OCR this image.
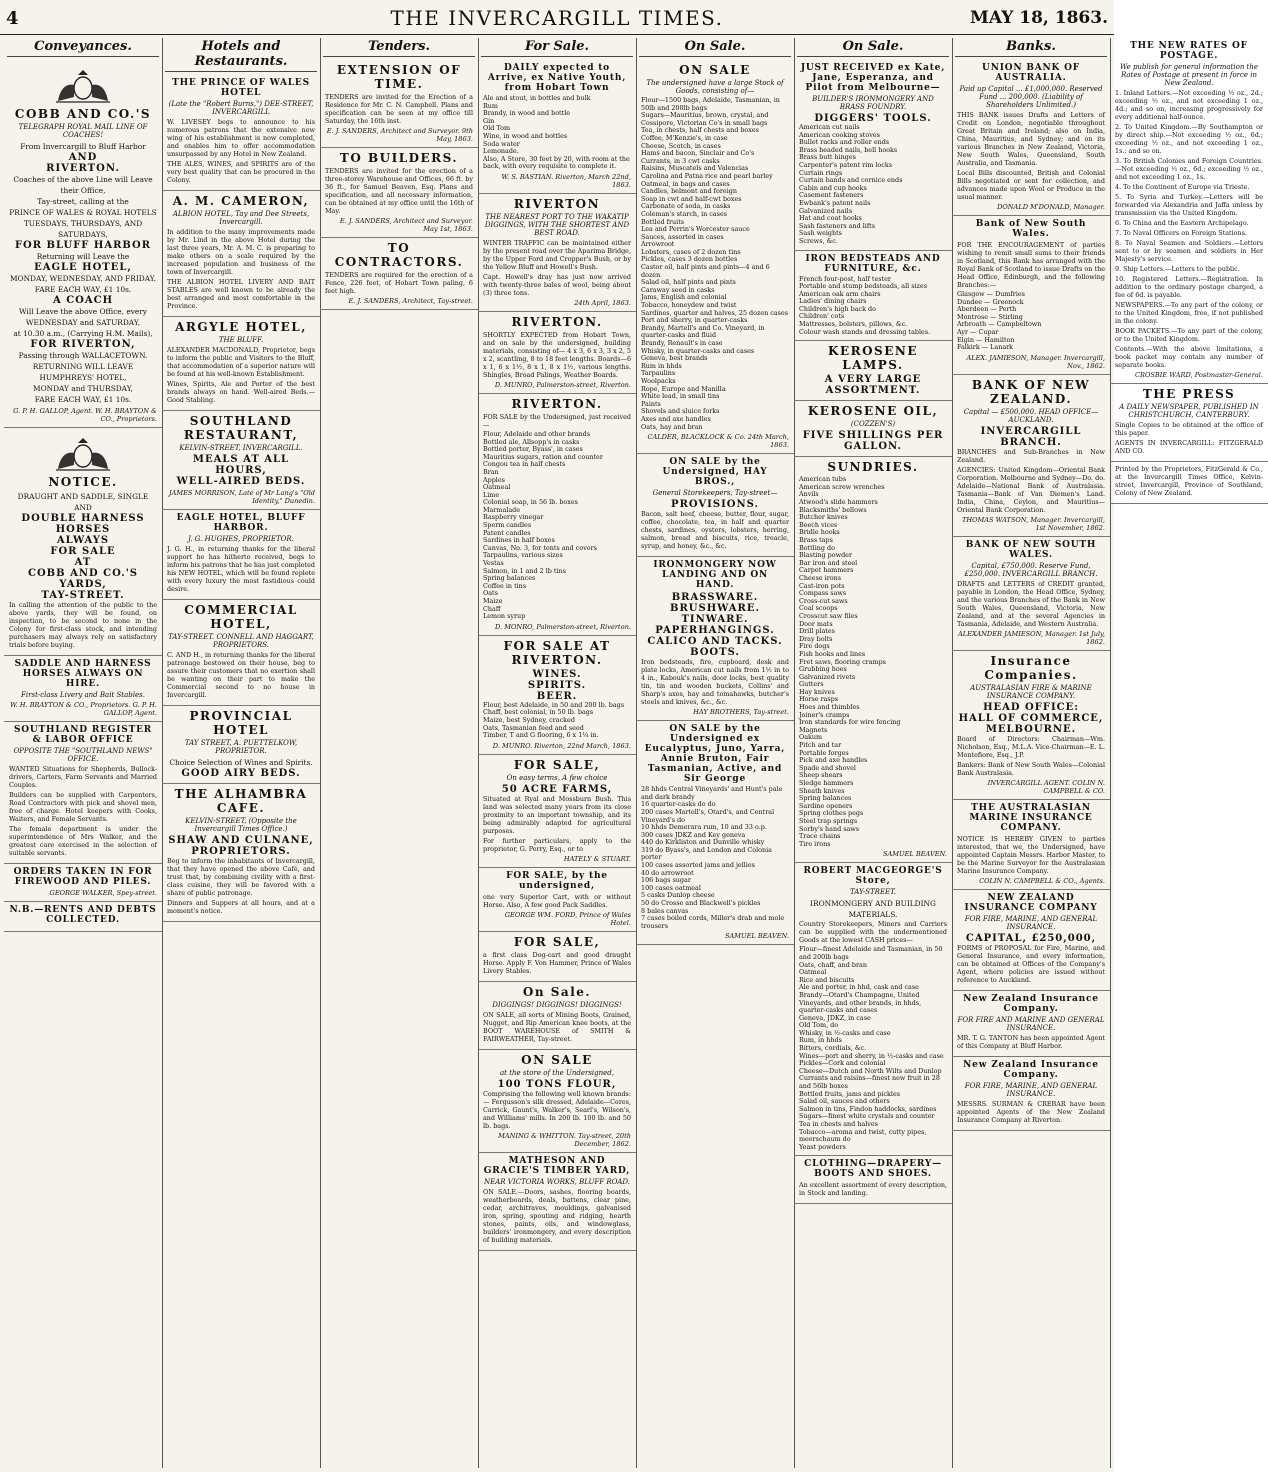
4	THE INVERCARGILL TIMES.	MAY 18, 1863.
Conveyances.
COBB AND CO.'S
TELEGRAPH ROYAL MAIL LINE OF COACHES!
From Invercargill to Bluff Harbor
AND
RIVERTON.
Coaches of the above Line will Leave their Office,
Tay-street, calling at the
PRINCE OF WALES & ROYAL HOTELS
TUESDAYS, THURSDAYS, AND SATURDAYS,
FOR BLUFF HARBOR
Returning will Leave the
EAGLE HOTEL,
MONDAY, WEDNESDAY, AND FRIDAY.
FARE EACH WAY, £1 10s.
A COACH
Will Leave the above Office, every
WEDNESDAY and SATURDAY,
at 10.30 a.m., (Carrying H.M. Mails),
FOR RIVERTON,
Passing through WALLACETOWN.
RETURNING WILL LEAVE HUMPHREYS' HOTEL,
MONDAY and THURSDAY,
FARE EACH WAY, £1 10s.
G. P. H. GALLOP, Agent. W. H. BRAYTON & CO., Proprietors.
NOTICE.
DRAUGHT AND SADDLE, SINGLE AND
DOUBLE HARNESS HORSES
ALWAYS
FOR SALE
AT
COBB AND CO.'S YARDS,
TAY-STREET.

In calling the attention of the public to the above yards, they will be found, on inspection, to be second to none in the Colony for first-class stock, and intending purchasers may always rely on satisfactory trials before buying.

SADDLE AND HARNESS HORSES ALWAYS ON HIRE.
First-class Livery and Bait Stables.
W. H. BRAYTON & CO., Proprietors. G. P. H. GALLOP, Agent.
SOUTHLAND REGISTER & LABOR OFFICE
OPPOSITE THE "SOUTHLAND NEWS" OFFICE.

WANTED Situations for Shepherds, Bullock-drivers, Carters, Farm Servants and Married Couples.

Builders can be supplied with Carpenters, Road Contractors with pick and shovel men, free of charge. Hotel keepers with Cooks, Waiters, and Female Servants.

The female department is under the superintendence of Mrs Walker, and the greatest care exercised in the selection of suitable servants.

ORDERS TAKEN IN FOR FIREWOOD AND PILES.
GEORGE WALKER, Spey-street.
N.B.—RENTS AND DEBTS COLLECTED.
Hotels and Restaurants.
THE PRINCE OF WALES HOTEL
(Late the "Robert Burns,") DEE-STREET, INVERCARGILL

W. LIVESEY begs to announce to his numerous patrons that the extensive new wing of his establishment is now completed, and enables him to offer accommodation unsurpassed by any Hotel in New Zealand.

THE ALES, WINES, and SPIRITS are of the very best quality that can be procured in the Colony.

A. M. CAMERON,
ALBION HOTEL, Tay and Dee Streets, Invercargill.

In addition to the many improvements made by Mr. Lind in the above Hotel during the last three years, Mr. A. M. C. is preparing to make others on a scale required by the increased population and business of the town of Invercargill.

THE ALBION HOTEL LIVERY AND BAIT STABLES are well known to be already the best arranged and most comfortable in the Province.

ARGYLE HOTEL,
THE BLUFF.

ALEXANDER MACDONALD, Proprietor, begs to inform the public and Visitors to the Bluff, that accommodation of a superior nature will be found at his well-known Establishment.

Wines, Spirits, Ale and Porter of the best brands always on hand. Well-aired Beds.—Good Stabling.

SOUTHLAND RESTAURANT,
KELVIN-STREET, INVERCARGILL.
MEALS AT ALL HOURS,
WELL-AIRED BEDS.
JAMES MORRISON, Late of Mr Lang's "Old Identity," Dunedin.
EAGLE HOTEL, BLUFF HARBOR.
J. G. HUGHES, PROPRIETOR.

J. G. H., in returning thanks for the liberal support he has hitherto received, begs to inform his patrons that he has just completed his NEW HOTEL, which will be found replete with every luxury the most fastidious could desire.

COMMERCIAL HOTEL,
TAY-STREET. CONNELL AND HAGGART, PROPRIETORS.

C. AND H., in returning thanks for the liberal patronage bestowed on their house, beg to assure their customers that no exertion shall be wanting on their part to make the Commercial second to no house in Invercargill.

PROVINCIAL HOTEL
TAY STREET, A. PUETTELKOW, PROPRIETOR.
Choice Selection of Wines and Spirits.
GOOD AIRY BEDS.
THE ALHAMBRA CAFE.
KELVIN-STREET, (Opposite the Invercargill Times Office.)
SHAW AND CULNANE,
PROPRIETORS.

Beg to inform the inhabitants of Invercargill, that they have opened the above Café, and trust that, by combining civility with a first-class cuisine, they will be favored with a share of public patronage.

Dinners and Suppers at all hours, and at a moment's notice.

Tenders.
EXTENSION OF TIME.

TENDERS are invited for the Erection of a Residence for Mr. C. N. Campbell. Plans and specification can be seen at my office till Saturday, the 16th inst.

E. J. SANDERS, Architect and Surveyor. 9th May, 1863.
TO BUILDERS.

TENDERS are invited for the erection of a three-storey Warehouse and Offices, 66 ft. by 36 ft., for Samuel Beaven, Esq. Plans and specification, and all necessary information, can be obtained at my office until the 16th of May.

E. J. SANDERS, Architect and Surveyor. May 1st, 1863.
TO CONTRACTORS.

TENDERS are required for the erection of a Fence, 226 feet, of Hobart Town paling, 6 feet high.

E. J. SANDERS, Architect, Tay-street.
For Sale.
DAILY expected to Arrive, ex Native Youth, from Hobart Town
Ale and stout, in bottles and bulk
Rum
Brandy, in wood and bottle
Gin
Old Tom
Wine, in wood and bottles
Soda water
Lemonade.
Also, A Store, 30 feet by 20, with room at the back, with every requisite to complete it.
W. S. BASTIAN. Riverton, March 22nd, 1863.
RIVERTON
THE NEAREST PORT TO THE WAKATIP DIGGINGS, WITH THE SHORTEST AND BEST ROAD.

WINTER TRAFFIC can be maintained either by the present road over the Aparima Bridge, by the Upper Ford and Cropper's Bush, or by the Yellow Bluff and Howell's Bush.

Capt. Howell's dray has just now arrived with twenty-three bales of wool, being about (3) three tons.

24th April, 1863.
RIVERTON.

SHORTLY EXPECTED from Hobart Town, and on sale by the undersigned, building materials, consisting of— 4 x 3, 6 x 3, 3 x 2, 5 x 2, scantling, 8 to 18 feet lengths. Boards—6 x 1, 6 x 1½, 8 x 1, 8 x 1½, various lengths. Shingles, Broad Palings, Weather Boards.

D. MUNRO, Palmerston-street, Riverton.
RIVERTON.

FOR SALE by the Undersigned, just received—

Flour, Adelaide and other brands
Bottled ale, Allsopp's in casks
Bottled porter, Byass', in cases
Mauritius sugars, ration and counter
Congou tea in half chests
Bran
Apples
Oatmeal
Lime
Colonial soap, in 56 lb. boxes
Marmalade
Raspberry vinegar
Sperm candles
Patent candles
Sardines in half boxes
Canvas, No. 3, for tents and covers
Tarpaulins, various sizes
Vestas
Salmon, in 1 and 2 lb tins
Spring balances
Coffee in tins
Oats
Maize
Chaff
Lemon syrup
D. MONRO, Palmerston-street, Riverton.
FOR SALE AT RIVERTON.
WINES.
SPIRITS.
BEER.
Flour, best Adelaide, in 50 and 200 lb. bags
Chaff, best colonial, in 50 lb. bags
Maize, best Sydney, cracked
Oats, Tasmanian feed and seed
Timber, T and G flooring, 6 x 1¼ in.
D. MUNRO. Riverton, 22nd March, 1863.
FOR SALE,
On easy terms, A few choice
50 ACRE FARMS,

Situated at Ryal and Mossburn Bush. This land was selected many years from its close proximity to an important township, and its being admirably adapted for agricultural purposes.

For further particulars, apply to the proprietor, G. Perry, Esq., or to

HATELY & STUART.
FOR SALE, by the undersigned,

one very Superior Cart, with or without Horse. Also, A few good Pack Saddles.

GEORGE WM. FORD, Prince of Wales Hotel.
FOR SALE,

a first class Dog-cart and good draught Horse. Apply F. Von Hammer, Prince of Wales Livery Stables.

On Sale.
DIGGINGS! DIGGINGS! DIGGINGS!

ON SALE, all sorts of Mining Boots, Grained, Nugget, and Rip American knee boots, at the BOOT WAREHOUSE of SMITH & FAIRWEATHER, Tay-street.

ON SALE
at the store of the Undersigned,
100 TONS FLOUR,

Comprising the following well known brands:— Fergusson's silk dressed, Adelaide—Ceres, Carrick, Gaunt's, Walker's, Searl's, Wilson's, and Williams' mills. In 200 lb. 100 lb. and 50 lb. bags.

MANING & WHITTON. Tay-street, 20th December, 1862.
MATHESON AND GRACIE'S TIMBER YARD,
NEAR VICTORIA WORKS, BLUFF ROAD.

ON SALE.—Doors, sashes, flooring boards, weatherboards, deals, battens, clear pine, cedar, architraves, mouldings, galvanised iron, spring, spouting and ridging, hearth stones, paints, oils, and windowglass, builders' ironmongery, and every description of building materials.

On Sale.
ON SALE
The undersigned have a large Stock of Goods, consisting of—
Flour—1500 bags, Adelaide, Tasmanian, in 50lb and 200lb bags
Sugars—Mauritius, brown, crystal, and Cossipore, Victorian Co's in small bags
Tea, in chests, half chests and boxes
Coffee, M'Kenzie's, in case
Cheese, Scotch, in cases
Hams and bacon, Sinclair and Co's
Currants, in 3 cwt casks
Raisins, Muscatels and Valencias
Carolina and Patna rice and pearl barley
Oatmeal, in bags and cases
Candles, belmont and foreign
Soap in cwt and half-cwt boxes
Carbonate of soda, in casks
Coleman's starch, in cases
Bottled fruits
Lea and Perrin's Worcester sauce
Sauces, assorted in cases
Arrowroot
Lobsters, cases of 2 dozen tins
Pickles, cases 3 dozen bottles
Castor oil, half pints and pints—4 and 6 dozen
Salad oil, half pints and pints
Caraway seed in casks
Jams, English and colonial
Tobacco, honeydew and twist
Sardines, quarter and halves, 25 dozen cases
Port and sherry, in quarter-casks
Brandy, Martell's and Co. Vineyard, in quarter-casks and fluid
Brandy, Renault's in case
Whisky, in quarter-casks and cases
Geneva, best brands
Rum in hhds
Tarpaulins
Woolpacks
Rope, Europe and Manilla
White lead, in small tins
Paints
Shovels and sluice forks
Axes and axe handles
Oats, hay and bran
CALDER, BLACKLOCK & Co. 24th March, 1863.
ON SALE by the Undersigned, HAY BROS.,
General Storekeepers, Tay-street—
PROVISIONS.

Bacon, salt beef, cheese, butter, flour, sugar, coffee, chocolate, tea, in half and quarter chests, sardines, oysters, lobsters, herring, salmon, bread and biscuits, rice, treacle, syrup, and honey, &c., &c.

IRONMONGERY NOW LANDING AND ON HAND.
BRASSWARE.
BRUSHWARE.
TINWARE.
PAPERHANGINGS.
CALICO AND TACKS.
BOOTS.

Iron bedsteads, fire, cupboard, desk and plate locks, American cut nails from 1½ in to 4 in., Kabouk's nails, door locks, best quality tin, tin and wooden buckets, Collins' and Sharp's axes, hay and tomahawks, butcher's steels and knives, &c., &c.

HAY BROTHERS, Tay-street.
ON SALE by the Undersigned ex Eucalyptus, Juno, Yarra, Annie Bruton, Fair Tasmanian, Active, and Sir George
28 hhds Central Vineyards' and Hunt's pale and dark brandy
16 quarter-casks do do
200 cases Martell's, Otard's, and Central Vineyard's do
10 hhds Demerara rum, 10 and 33 o.p.
300 cases JDKZ and Key geneva
440 do Kirkliston and Dunville whisky
319 do Byass's, and London and Colonia porter
100 cases assorted jams and jellies
40 do arrowroot
106 bags sugar
100 cases oatmeal
5 casks Dunlop cheese
50 do Crosse and Blackwell's pickles
8 bales canvas
7 cases boiled cords, Miller's drab and mole trousers
SAMUEL BEAVEN.
On Sale.
JUST RECEIVED ex Kate, Jane, Esperanza, and Pilot from Melbourne—
BUILDER'S IRONMONGERY AND BRASS FOUNDRY.
DIGGERS' TOOLS.
American cut nails
American cooking stoves
Bullet racks and roller ends
Brass headed nails, bell hooks
Brass butt hinges
Carpenter's patent rim locks
Curtain rings
Curtain bands and cornice ends
Cabin and cup hooks
Casement fasteners
Ewbank's patent nails
Galvanized nails
Hat and coat hooks
Sash fasteners and lifts
Sash weights
Screws, &c.
IRON BEDSTEADS AND FURNITURE, &c.
French four-post, half tester
Portable and stump bedsteads, all sizes
American oak arm chairs
Ladies' dining chairs
Children's high back do
Children' cots
Mattresses, bolsters, pillows, &c.
Colour wash stands and dressing tables.
KEROSENE LAMPS.
A VERY LARGE
ASSORTMENT.
KEROSENE OIL,
(COZZEN'S)
FIVE SHILLINGS PER GALLON.
SUNDRIES.
American tubs
American screw wrenches
Anvils
Atwood's slide hammers
Blacksmiths' bellows
Butcher knives
Beech vices
Bridle hooks
Brass taps
Bottling do
Blasting powder
Bar iron and steel
Carpet hammers
Cheese irons
Cast-iron pots
Compass saws
Cross-cut saws
Coal scoops
Crosscut saw files
Door mats
Drill plates
Dray bolts
Fire dogs
Fish hooks and lines
Fret saws, flooring cramps
Grubbing hoes
Galvanized rivets
Gutters
Hay knives
Horse rasps
Hoes and thimbles
Joiner's cramps
Iron standards for wire fencing
Magnets
Oakum
Pitch and tar
Portable forges
Pick and axe handles
Spade and shovel
Sheep shears
Sledge hammers
Sheath knives
Spring balances
Sardine openers
Spring clothes pegs
Steel trap springs
Sorby's hand saws
Trace chains
Tire irons
SAMUEL BEAVEN.
ROBERT MACGEORGE'S Store,
TAY-STREET.
IRONMONGERY AND BUILDING MATERIALS.

Country Storekeepers, Miners and Carriers can be supplied with the undermentioned Goods at the lowest CASH prices—

Flour—finest Adelaide and Tasmanian, in 50 and 200lb bags
Oats, chaff, and bran
Oatmeal
Rice and biscuits
Ale and porter, in hhd, cask and case
Brandy—Otard's Champagne, United Vineyards, and other brands, in hhds, quarter-casks and cases
Geneva, JDKZ, in case
Old Tom, do
Whisky, in ½-casks and case
Rum, in hhds
Bitters, cordials, &c.
Wines—port and sherry, in ½-casks and case
Pickles—Cork and colonial
Cheese—Dutch and North Wilts and Dunlop
Currants and raisins—finest new fruit in 28 and 56lb boxes
Bottled fruits, jams and pickles
Salad oil, sauces and others
Salmon in tins, Findon haddocks, sardines
Sugars—finest white crystals and counter
Tea in chests and halves
Tobacco—aroma and twist, cutty pipes, meerschaum do
Yeast powders
CLOTHING—DRAPERY—BOOTS AND SHOES.

An excellent assortment of every description, in Stock and landing.

Banks.
UNION BANK OF AUSTRALIA.
Paid up Capital ... £1,000,000. Reserved Fund ... 200,000. (Liability of Shareholders Unlimited.)

THIS BANK issues Drafts and Letters of Credit on London, negotiable throughout Great Britain and Ireland; also on India, China, Mauritius, and Sydney; and on its various Branches in New Zealand, Victoria, New South Wales, Queensland, South Australia, and Tasmania.

Local Bills discounted, British and Colonial Bills negotiated or sent for collection, and advances made upon Wool or Produce in the usual manner.

DONALD M'DONALD, Manager.
Bank of New South Wales.

FOR THE ENCOURAGEMENT of parties wishing to remit small sums to their friends in Scotland, this Bank has arranged with the Royal Bank of Scotland to issue Drafts on the Head Office, Edinburgh, and the following Branches:—

Glasgow — Dumfries
Dundee — Greenock
Aberdeen — Perth
Montrose — Stirling
Arbroath — Campbeltown
Ayr — Cupar
Elgin — Hamilton
Falkirk — Lanark
ALEX. JAMIESON, Manager. Invercargill, Nov., 1862.
BANK OF NEW ZEALAND.
Capital — £500,000. HEAD OFFICE—AUCKLAND.
INVERCARGILL BRANCH.

BRANCHES and Sub-Branches in New Zealand.

AGENCIES: United Kingdom—Oriental Bank Corporation. Melbourne and Sydney—Do. do. Adelaide—National Bank of Australasia. Tasmania—Bank of Van Diemen's Land. India, China, Ceylon, and Mauritius—Oriental Bank Corporation.

THOMAS WATSON, Manager. Invercargill, 1st November, 1862.
BANK OF NEW SOUTH WALES.
Capital, £750,000. Reserve Fund, £250,000. INVERCARGILL BRANCH.

DRAFTS and LETTERS of CREDIT granted, payable in London, the Head Office, Sydney, and the various Branches of the Bank in New South Wales, Queensland, Victoria, New Zealand, and at the several Agencies in Tasmania, Adelaide, and Western Australia.

ALEXANDER JAMIESON, Manager. 1st July, 1862.
Insurance Companies.
AUSTRALASIAN FIRE & MARINE INSURANCE COMPANY.
HEAD OFFICE:
HALL OF COMMERCE,
MELBOURNE.

Board of Directors: Chairman—Wm. Nicholson, Esq., M.L.A. Vice-Chairman—E. L. Montefiore, Esq., J.P.

Bankers: Bank of New South Wales—Colonial Bank Australasia.

INVERCARGILL AGENT. COLIN N. CAMPBELL & CO.
THE AUSTRALASIAN MARINE INSURANCE COMPANY.

NOTICE IS HEREBY GIVEN to parties interested, that we, the Undersigned, have appointed Captain Messrs. Harbor Master, to be the Marine Surveyor for the Australasian Marine Insurance Company.

COLIN N. CAMPBELL & CO., Agents.
NEW ZEALAND INSURANCE COMPANY
FOR FIRE, MARINE, AND GENERAL INSURANCE.
CAPITAL, £250,000,

FORMS of PROPOSAL for Fire, Marine, and General Insurance, and every information, can be obtained at Offices of the Company's Agent, where policies are issued without reference to Auckland.

New Zealand Insurance Company.
FOR FIRE AND MARINE AND GENERAL INSURANCE.

MR. T. G. TANTON has been appointed Agent of this Company at Bluff Harbor.

New Zealand Insurance Company.
FOR FIRE, MARINE, AND GENERAL INSURANCE.

MESSRS. SURMAN & CREBAR have been appointed Agents of the New Zealand Insurance Company at Riverton.

THE NEW RATES OF POSTAGE.
We publish for general information the Rates of Postage at present in force in New Zealand.

1. Inland Letters.—Not exceeding ½ oz., 2d.; exceeding ½ oz., and not exceeding 1 oz., 4d.; and so on, increasing progressively for every additional half-ounce.

2. To United Kingdom.—By Southampton or by direct ship.—Not exceeding ½ oz., 6d.; exceeding ½ oz., and not exceeding 1 oz., 1s.; and so on.

3. To British Colonies and Foreign Countries.—Not exceeding ½ oz., 6d.; exceeding ½ oz., and not exceeding 1 oz., 1s.

4. To the Continent of Europe via Trieste.

5. To Syria and Turkey.—Letters will be forwarded via Alexandria and Jaffa unless by transmission via the United Kingdom.

6. To China and the Eastern Archipelago.

7. To Naval Officers on Foreign Stations.

8. To Naval Seamen and Soldiers.—Letters sent to or by seamen and soldiers in Her Majesty's service.

9. Ship Letters.—Letters to the public.

10. Registered Letters.—Registration. In addition to the ordinary postage charged, a fee of 6d. is payable.

NEWSPAPERS.—To any part of the colony, or to the United Kingdom, free, if not published in the colony.

BOOK PACKETS.—To any part of the colony, or to the United Kingdom.

Contents.—With the above limitations, a book packet may contain any number of separate books.

CROSBIE WARD, Postmaster-General.
THE PRESS
A DAILY NEWSPAPER, PUBLISHED IN CHRISTCHURCH, CANTERBURY.

Single Copies to be obtained at the office of this paper.

AGENTS IN INVERCARGILL: FITZGERALD AND CO.

Printed by the Proprietors, FitzGerald & Co., at the Invercargill Times Office, Kelvin-street, Invercargill, Province of Southland, Colony of New Zealand.
